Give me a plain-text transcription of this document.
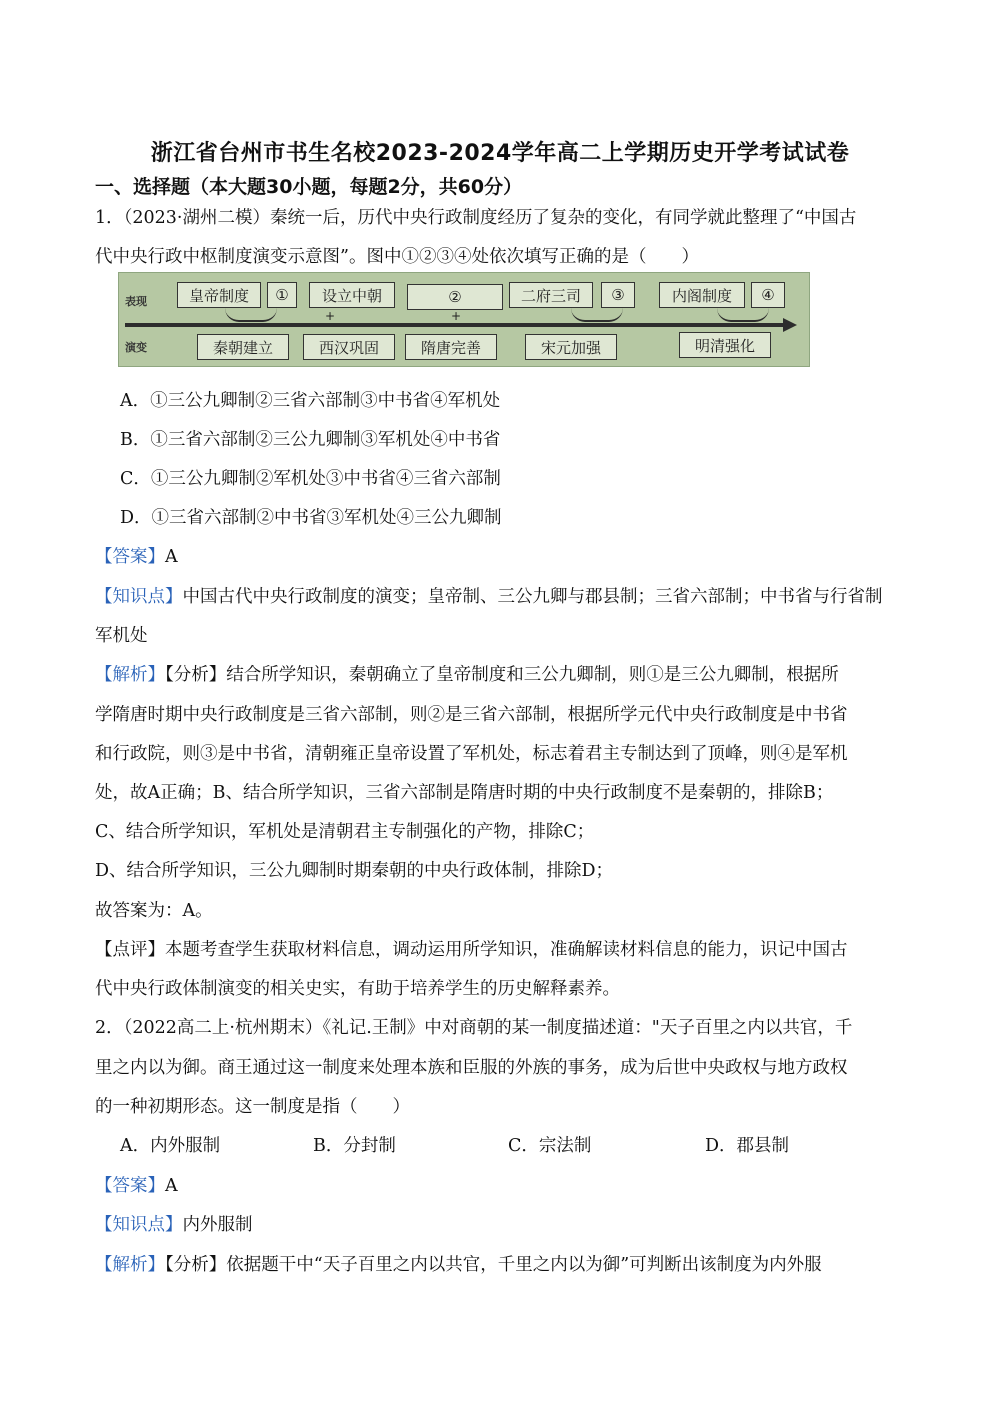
浙江省台州市书生名校2023-2024学年高二上学期历史开学考试试卷
一、选择题（本大题30小题，每题2分，共60分）
1．（2023·湖州二模）秦统一后，历代中央行政制度经历了复杂的变化，有同学就此整理了“中国古
代中央行政中枢制度演变示意图”。图中①②③④处依次填写正确的是（　　）
表现
演变
皇帝制度	①	设立中朝	②	二府三司	③	内阁制度	④
+	+
秦朝建立	西汉巩固	隋唐完善	宋元加强	明清强化
A．①三公九卿制②三省六部制③中书省④军机处
B．①三省六部制②三公九卿制③军机处④中书省
C．①三公九卿制②军机处③中书省④三省六部制
D．①三省六部制②中书省③军机处④三公九卿制
【答案】A
【知识点】中国古代中央行政制度的演变；皇帝制、三公九卿与郡县制；三省六部制；中书省与行省制
军机处
【解析】【分析】结合所学知识，秦朝确立了皇帝制度和三公九卿制，则①是三公九卿制，根据所
学隋唐时期中央行政制度是三省六部制，则②是三省六部制，根据所学元代中央行政制度是中书省
和行政院，则③是中书省，清朝雍正皇帝设置了军机处，标志着君主专制达到了顶峰，则④是军机
处，故A正确；B、结合所学知识，三省六部制是隋唐时期的中央行政制度不是秦朝的，排除B；
C、结合所学知识，军机处是清朝君主专制强化的产物，排除C；
D、结合所学知识，三公九卿制时期秦朝的中央行政体制，排除D；
故答案为：A。
【点评】本题考查学生获取材料信息，调动运用所学知识，准确解读材料信息的能力，识记中国古
代中央行政体制演变的相关史实，有助于培养学生的历史解释素养。
2．（2022高二上·杭州期末）《礼记.王制》中对商朝的某一制度描述道："天子百里之内以共官，千
里之内以为御。商王通过这一制度来处理本族和臣服的外族的事务，成为后世中央政权与地方政权
的一种初期形态。这一制度是指（　　）
A．内外服制	B．分封制	C．宗法制	D．郡县制
【答案】A
【知识点】内外服制
【解析】【分析】依据题干中“天子百里之内以共官，千里之内以为御”可判断出该制度为内外服
